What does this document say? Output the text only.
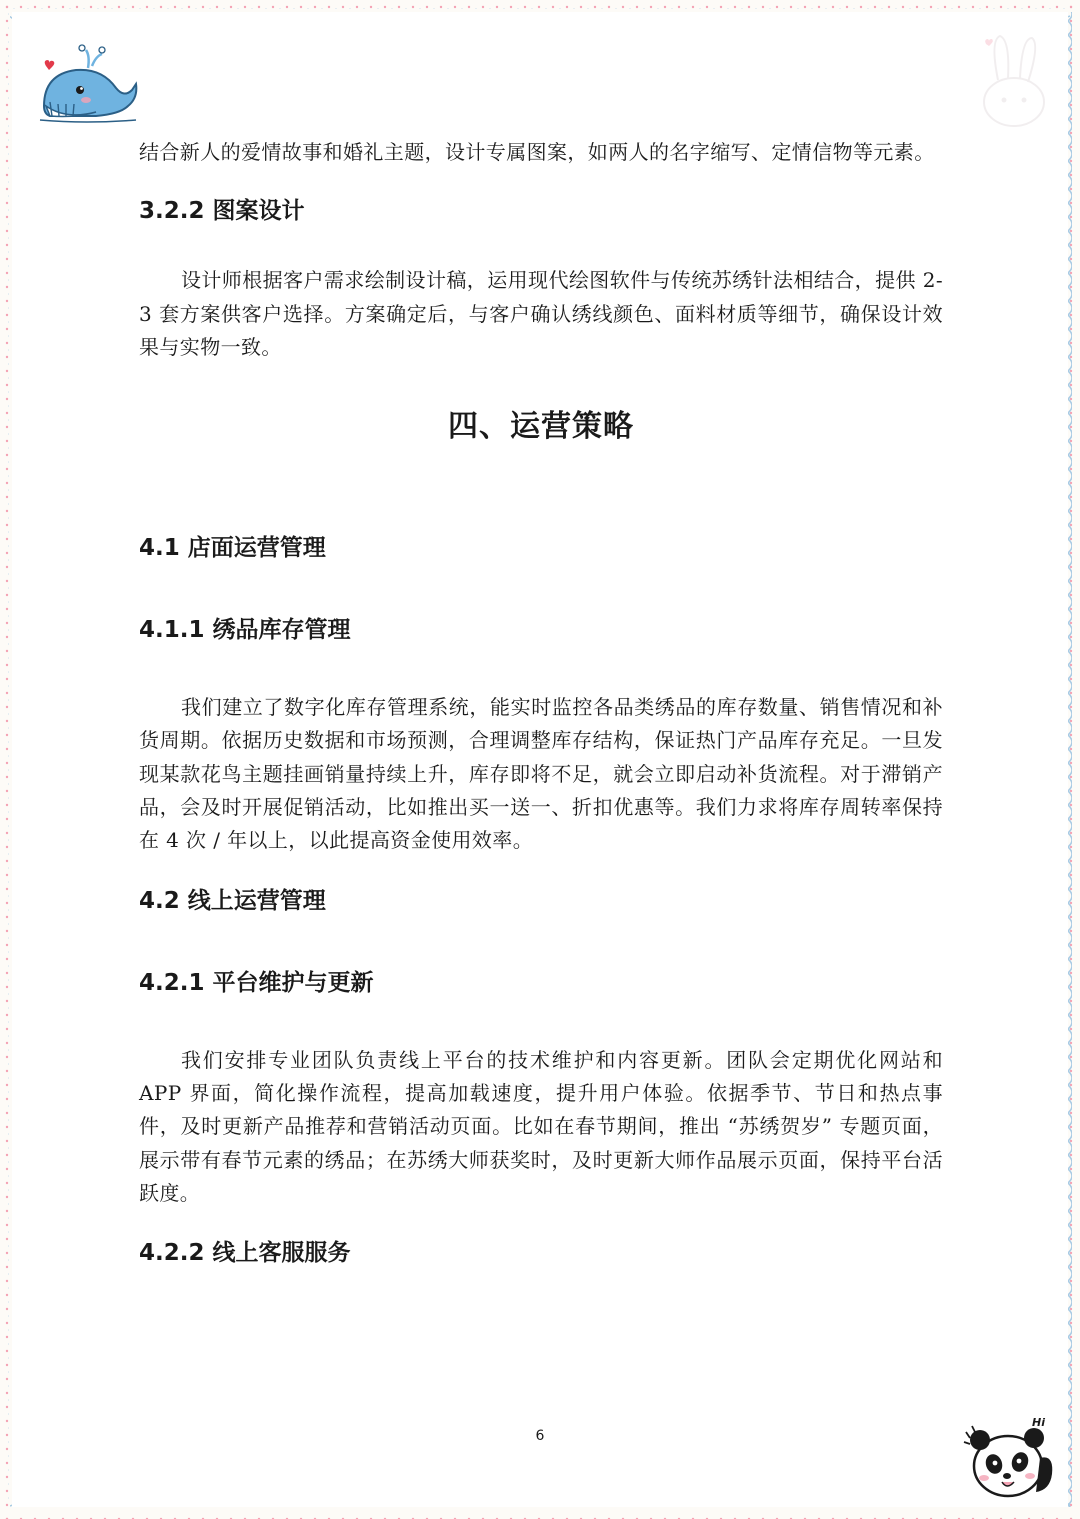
结合新人的爱情故事和婚礼主题，设计专属图案，如两人的名字缩写、定情信物等元素。

3.2.2 图案设计

设计师根据客户需求绘制设计稿，运用现代绘图软件与传统苏绣针法相结合，提供 2-3 套方案供客户选择。方案确定后，与客户确认绣线颜色、面料材质等细节，确保设计效果与实物一致。

四、运营策略
4.1 店面运营管理
4.1.1 绣品库存管理

我们建立了数字化库存管理系统，能实时监控各品类绣品的库存数量、销售情况和补货周期。依据历史数据和市场预测，合理调整库存结构，保证热门产品库存充足。一旦发现某款花鸟主题挂画销量持续上升，库存即将不足，就会立即启动补货流程。对于滞销产品，会及时开展促销活动，比如推出买一送一、折扣优惠等。我们力求将库存周转率保持在 4 次 / 年以上，以此提高资金使用效率。

4.2 线上运营管理
4.2.1 平台维护与更新

我们安排专业团队负责线上平台的技术维护和内容更新。团队会定期优化网站和 APP 界面，简化操作流程，提高加载速度，提升用户体验。依据季节、节日和热点事件，及时更新产品推荐和营销活动页面。比如在春节期间，推出 “苏绣贺岁” 专题页面，展示带有春节元素的绣品；在苏绣大师获奖时，及时更新大师作品展示页面，保持平台活跃度。

4.2.2 线上客服服务
6
Hi
